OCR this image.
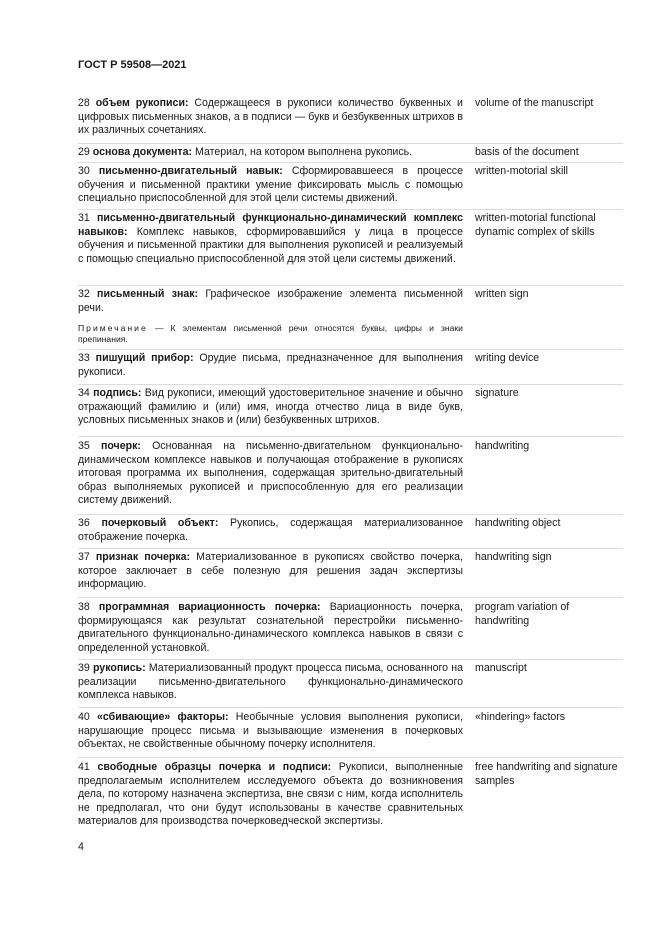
ГОСТ Р 59508—2021
28 объем рукописи: Содержащееся в рукописи количество буквенных и цифровых письменных знаков, а в подписи — букв и безбуквенных штрихов в их различных сочетаниях.
volume of the manuscript
29 основа документа: Материал, на котором выполнена рукопись.	basis of the document
30 письменно-двигательный навык: Сформировавшееся в процессе обучения и письменной практики умение фиксировать мысль с помощью специально приспособленной для этой цели системы движений.
written-motorial skill
31 письменно-двигательный функционально-динамический комплекс навыков: Комплекс навыков, сформировавшийся у лица в процессе обучения и письменной практики для выполнения рукописей и реализуемый с помощью специально приспособленной для этой цели системы движений.
written-motorial functional dynamic complex of skills
32 письменный знак: Графическое изображение элемента письменной речи.
Примечание — К элементам письменной речи относятся буквы, цифры и знаки препинания.
written sign
33 пишущий прибор: Орудие письма, предназначенное для выполнения рукописи.
writing device
34 подпись: Вид рукописи, имеющий удостоверительное значение и обычно отражающий фамилию и (или) имя, иногда отчество лица в виде букв, условных письменных знаков и (или) безбуквенных штрихов.
signature
35 почерк: Основанная на письменно-двигательном функционально-динамическом комплексе навыков и получающая отображение в рукописях итоговая программа их выполнения, содержащая зрительно-двигательный образ выполняемых рукописей и приспособленную для его реализации систему движений.
handwriting
36 почерковый объект: Рукопись, содержащая материализованное отображение почерка.
handwriting object
37 признак почерка: Материализованное в рукописях свойство почерка, которое заключает в себе полезную для решения задач экспертизы информацию.
handwriting sign
38 программная вариационность почерка: Вариационность почерка, формирующаяся как результат сознательной перестройки письменно-двигательного функционально-динамического комплекса навыков в связи с определенной установкой.
program variation of handwriting
39 рукопись: Материализованный продукт процесса письма, основанного на реализации письменно-двигательного функционально-динамического комплекса навыков.
manuscript
40 «сбивающие» факторы: Необычные условия выполнения рукописи, нарушающие процесс письма и вызывающие изменения в почерковых объектах, не свойственные обычному почерку исполнителя.
«hindering» factors
41 свободные образцы почерка и подписи: Рукописи, выполненные предполагаемым исполнителем исследуемого объекта до возникновения дела, по которому назначена экспертиза, вне связи с ним, когда исполнитель не предполагал, что они будут использованы в качестве сравнительных материалов для производства почерковедческой экспертизы.
free handwriting and signature samples
4
